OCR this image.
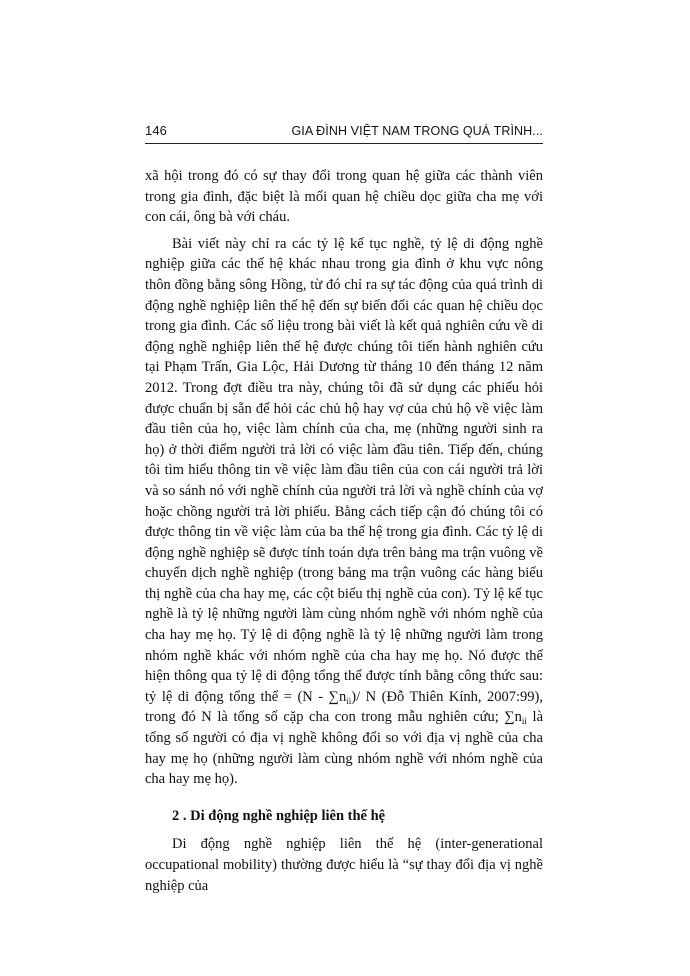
146	GIA ĐÌNH VIỆT NAM TRONG QUÁ TRÌNH...

xã hội trong đó có sự thay đổi trong quan hệ giữa các thành viên trong gia đình, đặc biệt là mối quan hệ chiều dọc giữa cha mẹ với con cái, ông bà với cháu.

Bài viết này chỉ ra các tỷ lệ kế tục nghề, tỷ lệ di động nghề nghiệp giữa các thế hệ khác nhau trong gia đình ở khu vực nông thôn đồng bằng sông Hồng, từ đó chỉ ra sự tác động của quá trình di động nghề nghiệp liên thế hệ đến sự biến đổi các quan hệ chiều dọc trong gia đình. Các số liệu trong bài viết là kết quả nghiên cứu về di động nghề nghiệp liên thế hệ được chúng tôi tiến hành nghiên cứu tại Phạm Trấn, Gia Lộc, Hải Dương từ tháng 10 đến tháng 12 năm 2012. Trong đợt điều tra này, chúng tôi đã sử dụng các phiếu hỏi được chuẩn bị sẵn để hỏi các chủ hộ hay vợ của chủ hộ về việc làm đầu tiên của họ, việc làm chính của cha, mẹ (những người sinh ra họ) ở thời điểm người trả lời có việc làm đầu tiên. Tiếp đến, chúng tôi tìm hiểu thông tin về việc làm đầu tiên của con cái người trả lời và so sánh nó với nghề chính của người trả lời và nghề chính của vợ hoặc chồng người trả lời phiếu. Bằng cách tiếp cận đó chúng tôi có được thông tin về việc làm của ba thế hệ trong gia đình. Các tỷ lệ di động nghề nghiệp sẽ được tính toán dựa trên bảng ma trận vuông về chuyển dịch nghề nghiệp (trong bảng ma trận vuông các hàng biểu thị nghề của cha hay mẹ, các cột biểu thị nghề của con). Tỷ lệ kế tục nghề là tỷ lệ những người làm cùng nhóm nghề với nhóm nghề của cha hay mẹ họ. Tỷ lệ di động nghề là tỷ lệ những người làm trong nhóm nghề khác với nhóm nghề của cha hay mẹ họ. Nó được thể hiện thông qua tỷ lệ di động tổng thể được tính bằng công thức sau: tỷ lệ di động tổng thể = $(N - \sum n_{ii})/$ N (Đỗ Thiên Kính, 2007:99), trong đó N là tổng số cặp cha con trong mẫu nghiên cứu; $\sum n_{ii}$ là tổng số người có địa vị nghề không đổi so với địa vị nghề của cha hay mẹ họ (những người làm cùng nhóm nghề với nhóm nghề của cha hay mẹ họ).

2 . Di động nghề nghiệp liên thế hệ

Di động nghề nghiệp liên thế hệ (inter-generational occupational mobility) thường được hiểu là “sự thay đổi địa vị nghề nghiệp của
